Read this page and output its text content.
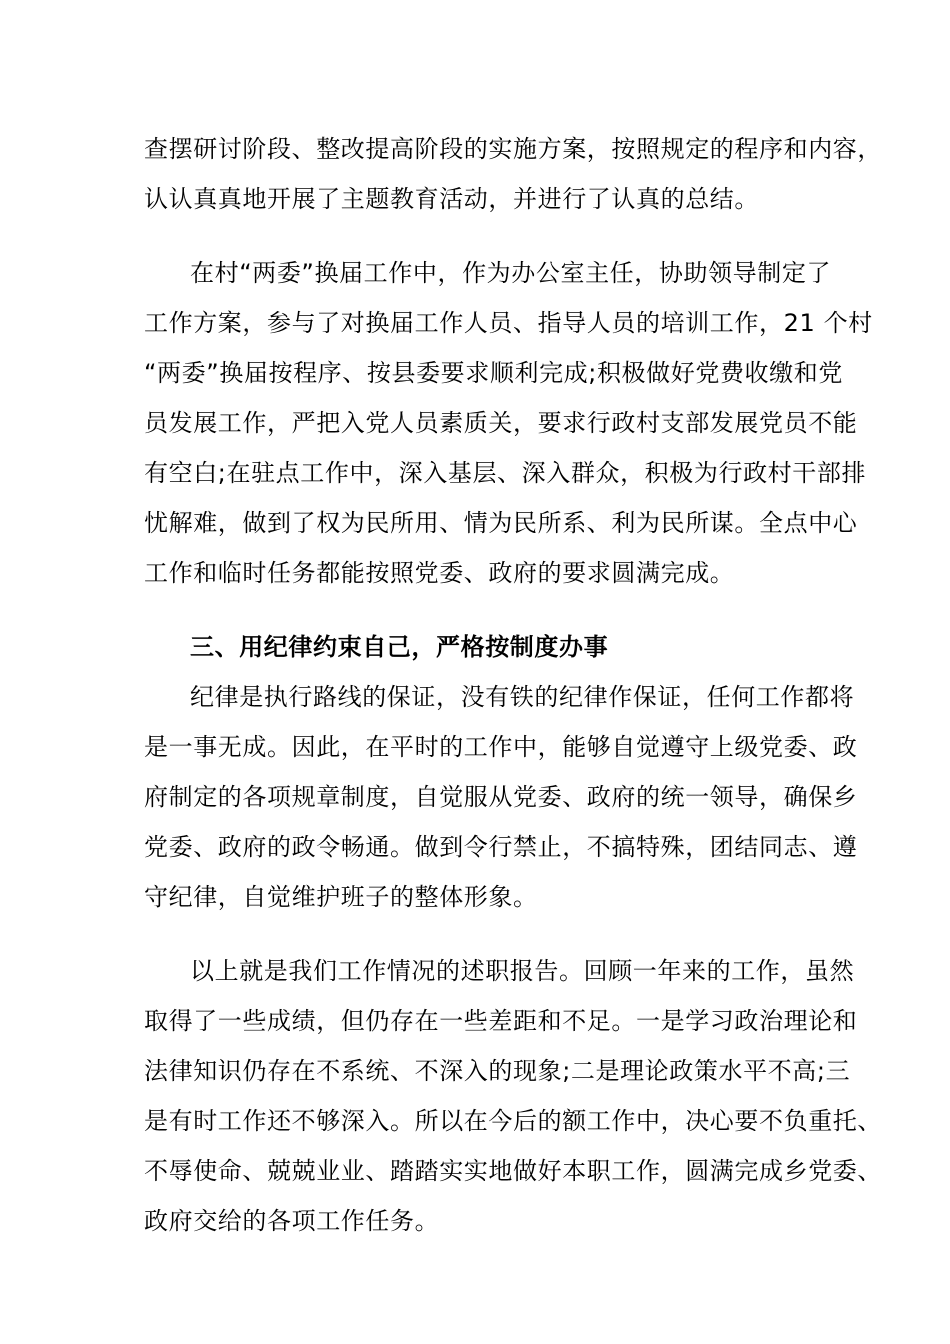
查摆研讨阶段、整改提高阶段的实施方案，按照规定的程序和内容，
认认真真地开展了主题教育活动，并进行了认真的总结。
在村“两委”换届工作中，作为办公室主任，协助领导制定了
工作方案，参与了对换届工作人员、指导人员的培训工作，21 个村
“两委”换届按程序、按县委要求顺利完成;积极做好党费收缴和党
员发展工作，严把入党人员素质关，要求行政村支部发展党员不能
有空白;在驻点工作中，深入基层、深入群众，积极为行政村干部排
忧解难，做到了权为民所用、情为民所系、利为民所谋。全点中心
工作和临时任务都能按照党委、政府的要求圆满完成。
三、用纪律约束自己，严格按制度办事
纪律是执行路线的保证，没有铁的纪律作保证，任何工作都将
是一事无成。因此，在平时的工作中，能够自觉遵守上级党委、政
府制定的各项规章制度，自觉服从党委、政府的统一领导，确保乡
党委、政府的政令畅通。做到令行禁止，不搞特殊，团结同志、遵
守纪律，自觉维护班子的整体形象。
以上就是我们工作情况的述职报告。回顾一年来的工作，虽然
取得了一些成绩，但仍存在一些差距和不足。一是学习政治理论和
法律知识仍存在不系统、不深入的现象;二是理论政策水平不高;三
是有时工作还不够深入。所以在今后的额工作中，决心要不负重托、
不辱使命、兢兢业业、踏踏实实地做好本职工作，圆满完成乡党委、
政府交给的各项工作任务。
